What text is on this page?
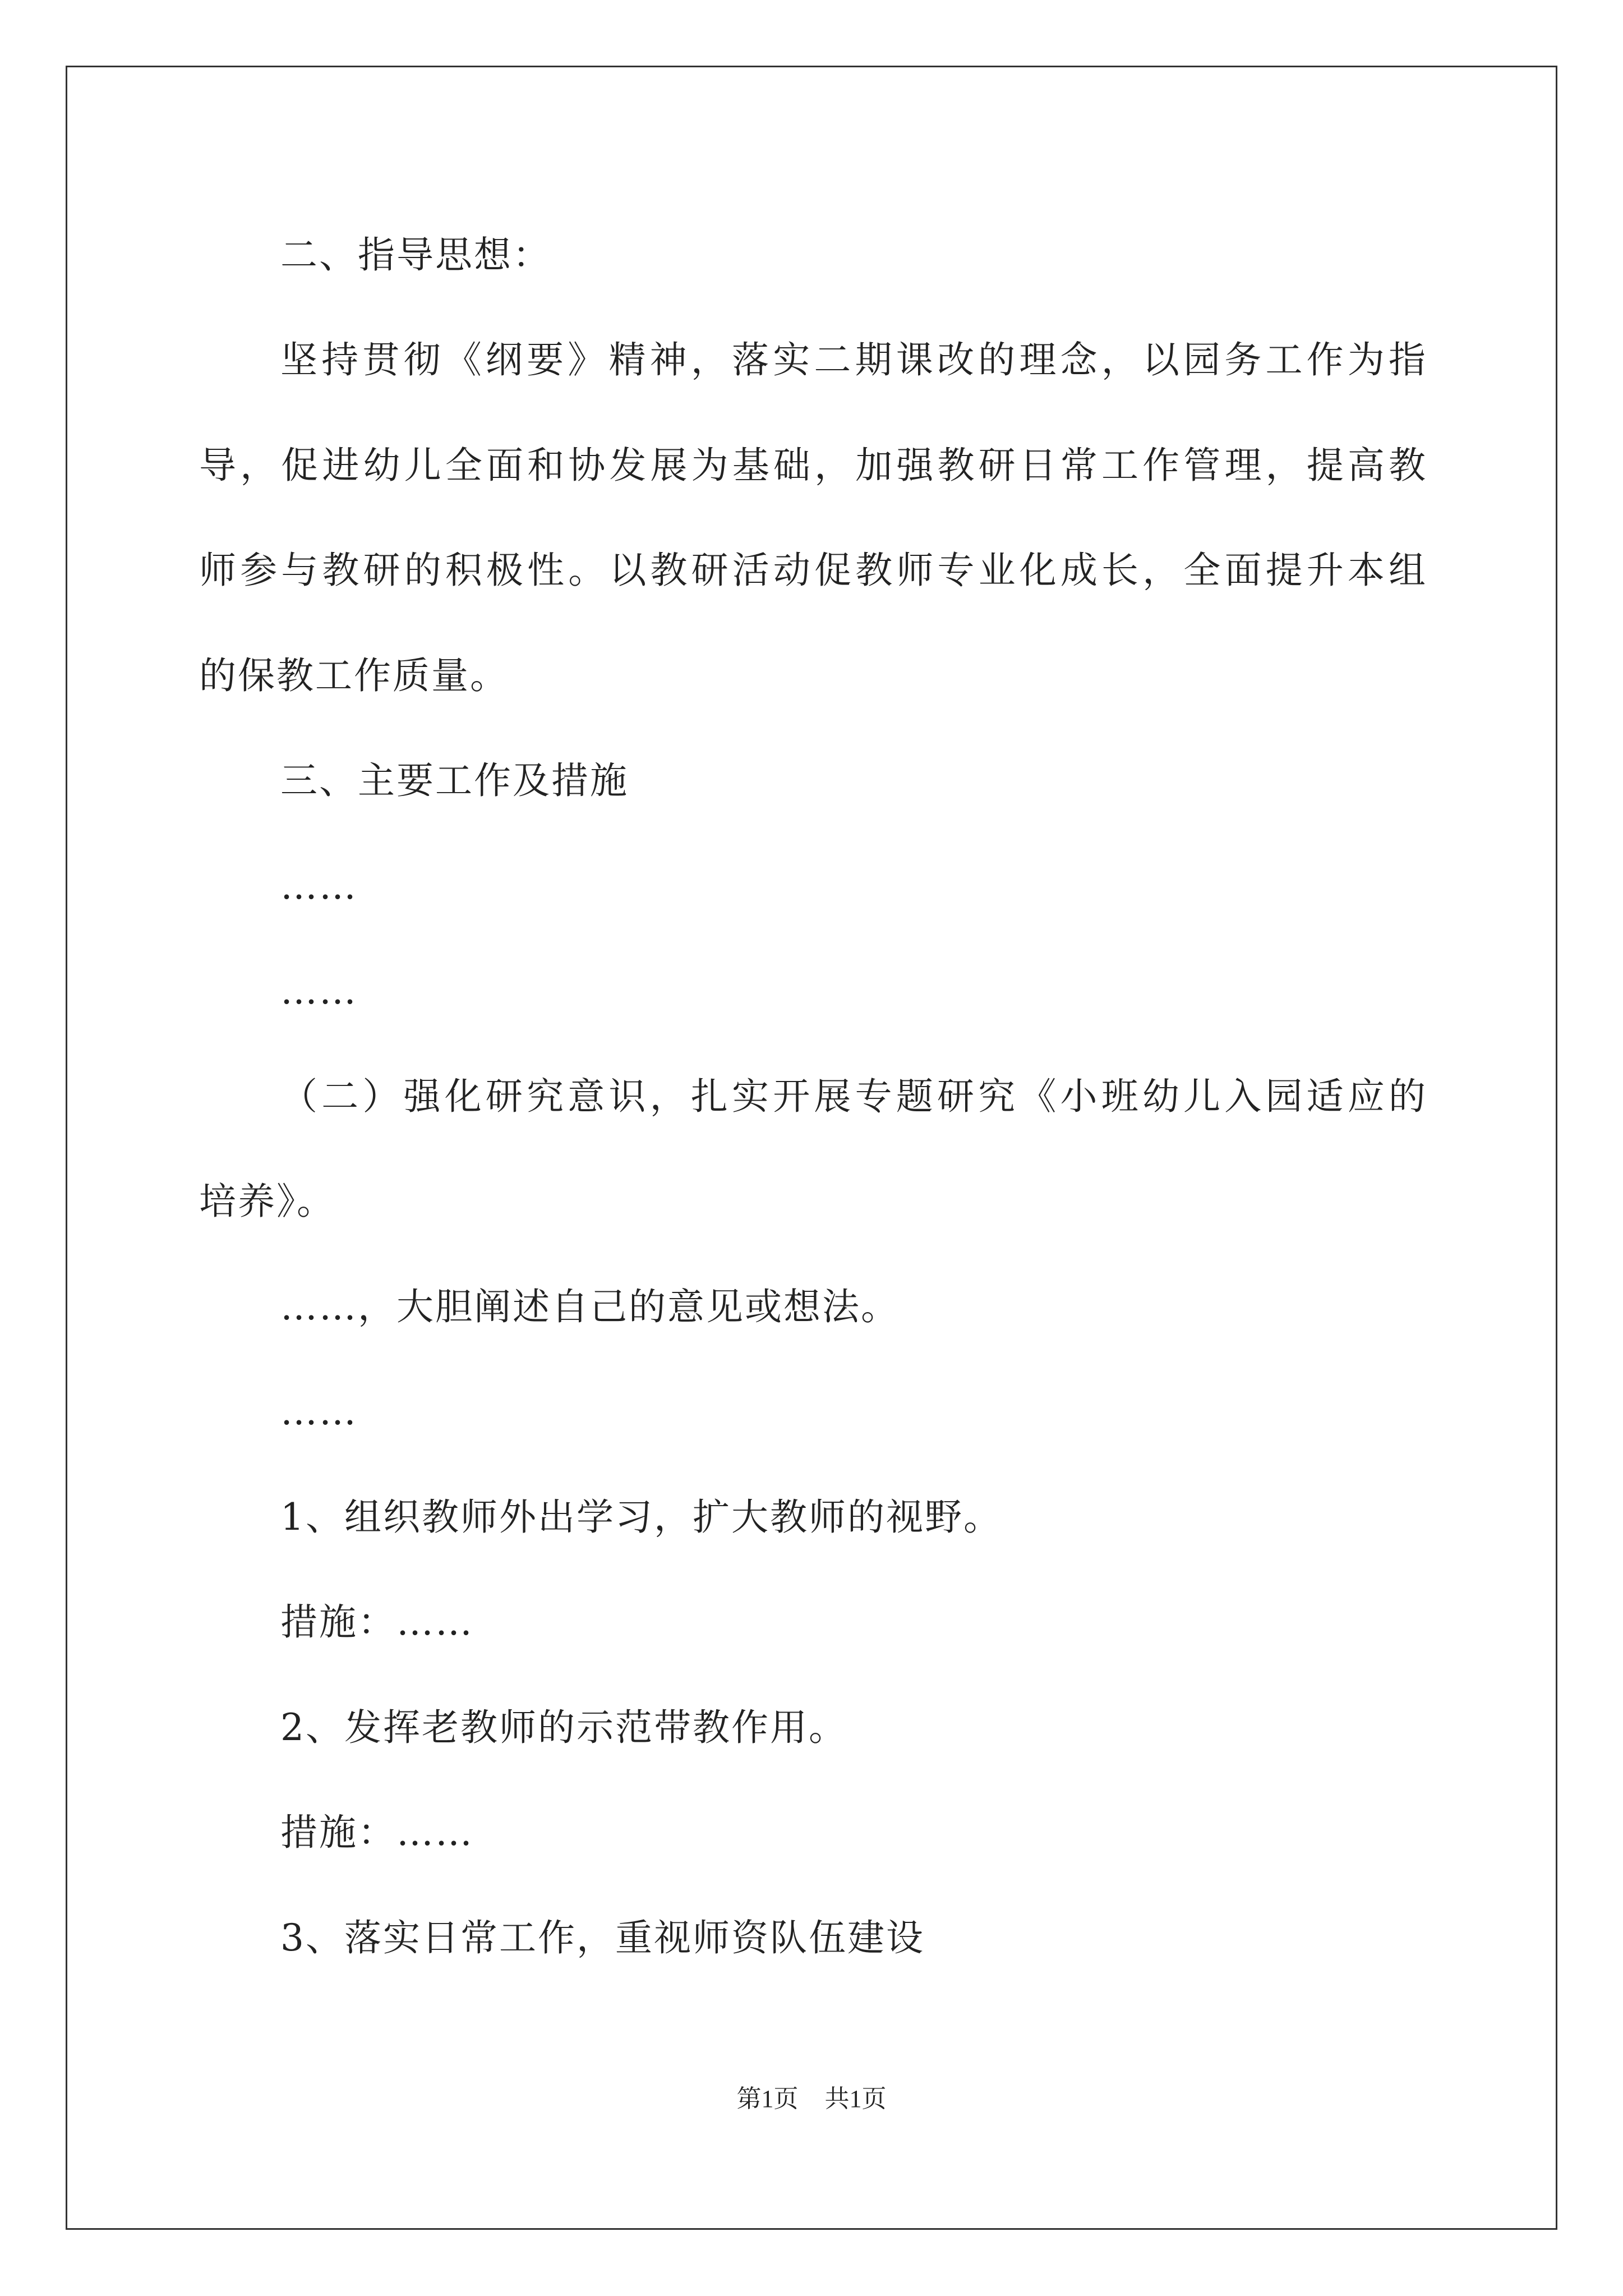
二、指导思想：
坚持贯彻《纲要》精神，落实二期课改的理念，以园务工作为指
导，促进幼儿全面和协发展为基础，加强教研日常工作管理，提高教
师参与教研的积极性。以教研活动促教师专业化成长，全面提升本组
的保教工作质量。
三、主要工作及措施
……
……
（二）强化研究意识，扎实开展专题研究《小班幼儿入园适应的
培养》。
……，大胆阐述自己的意见或想法。
……
1、组织教师外出学习，扩大教师的视野。
措施：……
2、发挥老教师的示范带教作用。
措施：……
3、落实日常工作，重视师资队伍建设
第1页 共1页
